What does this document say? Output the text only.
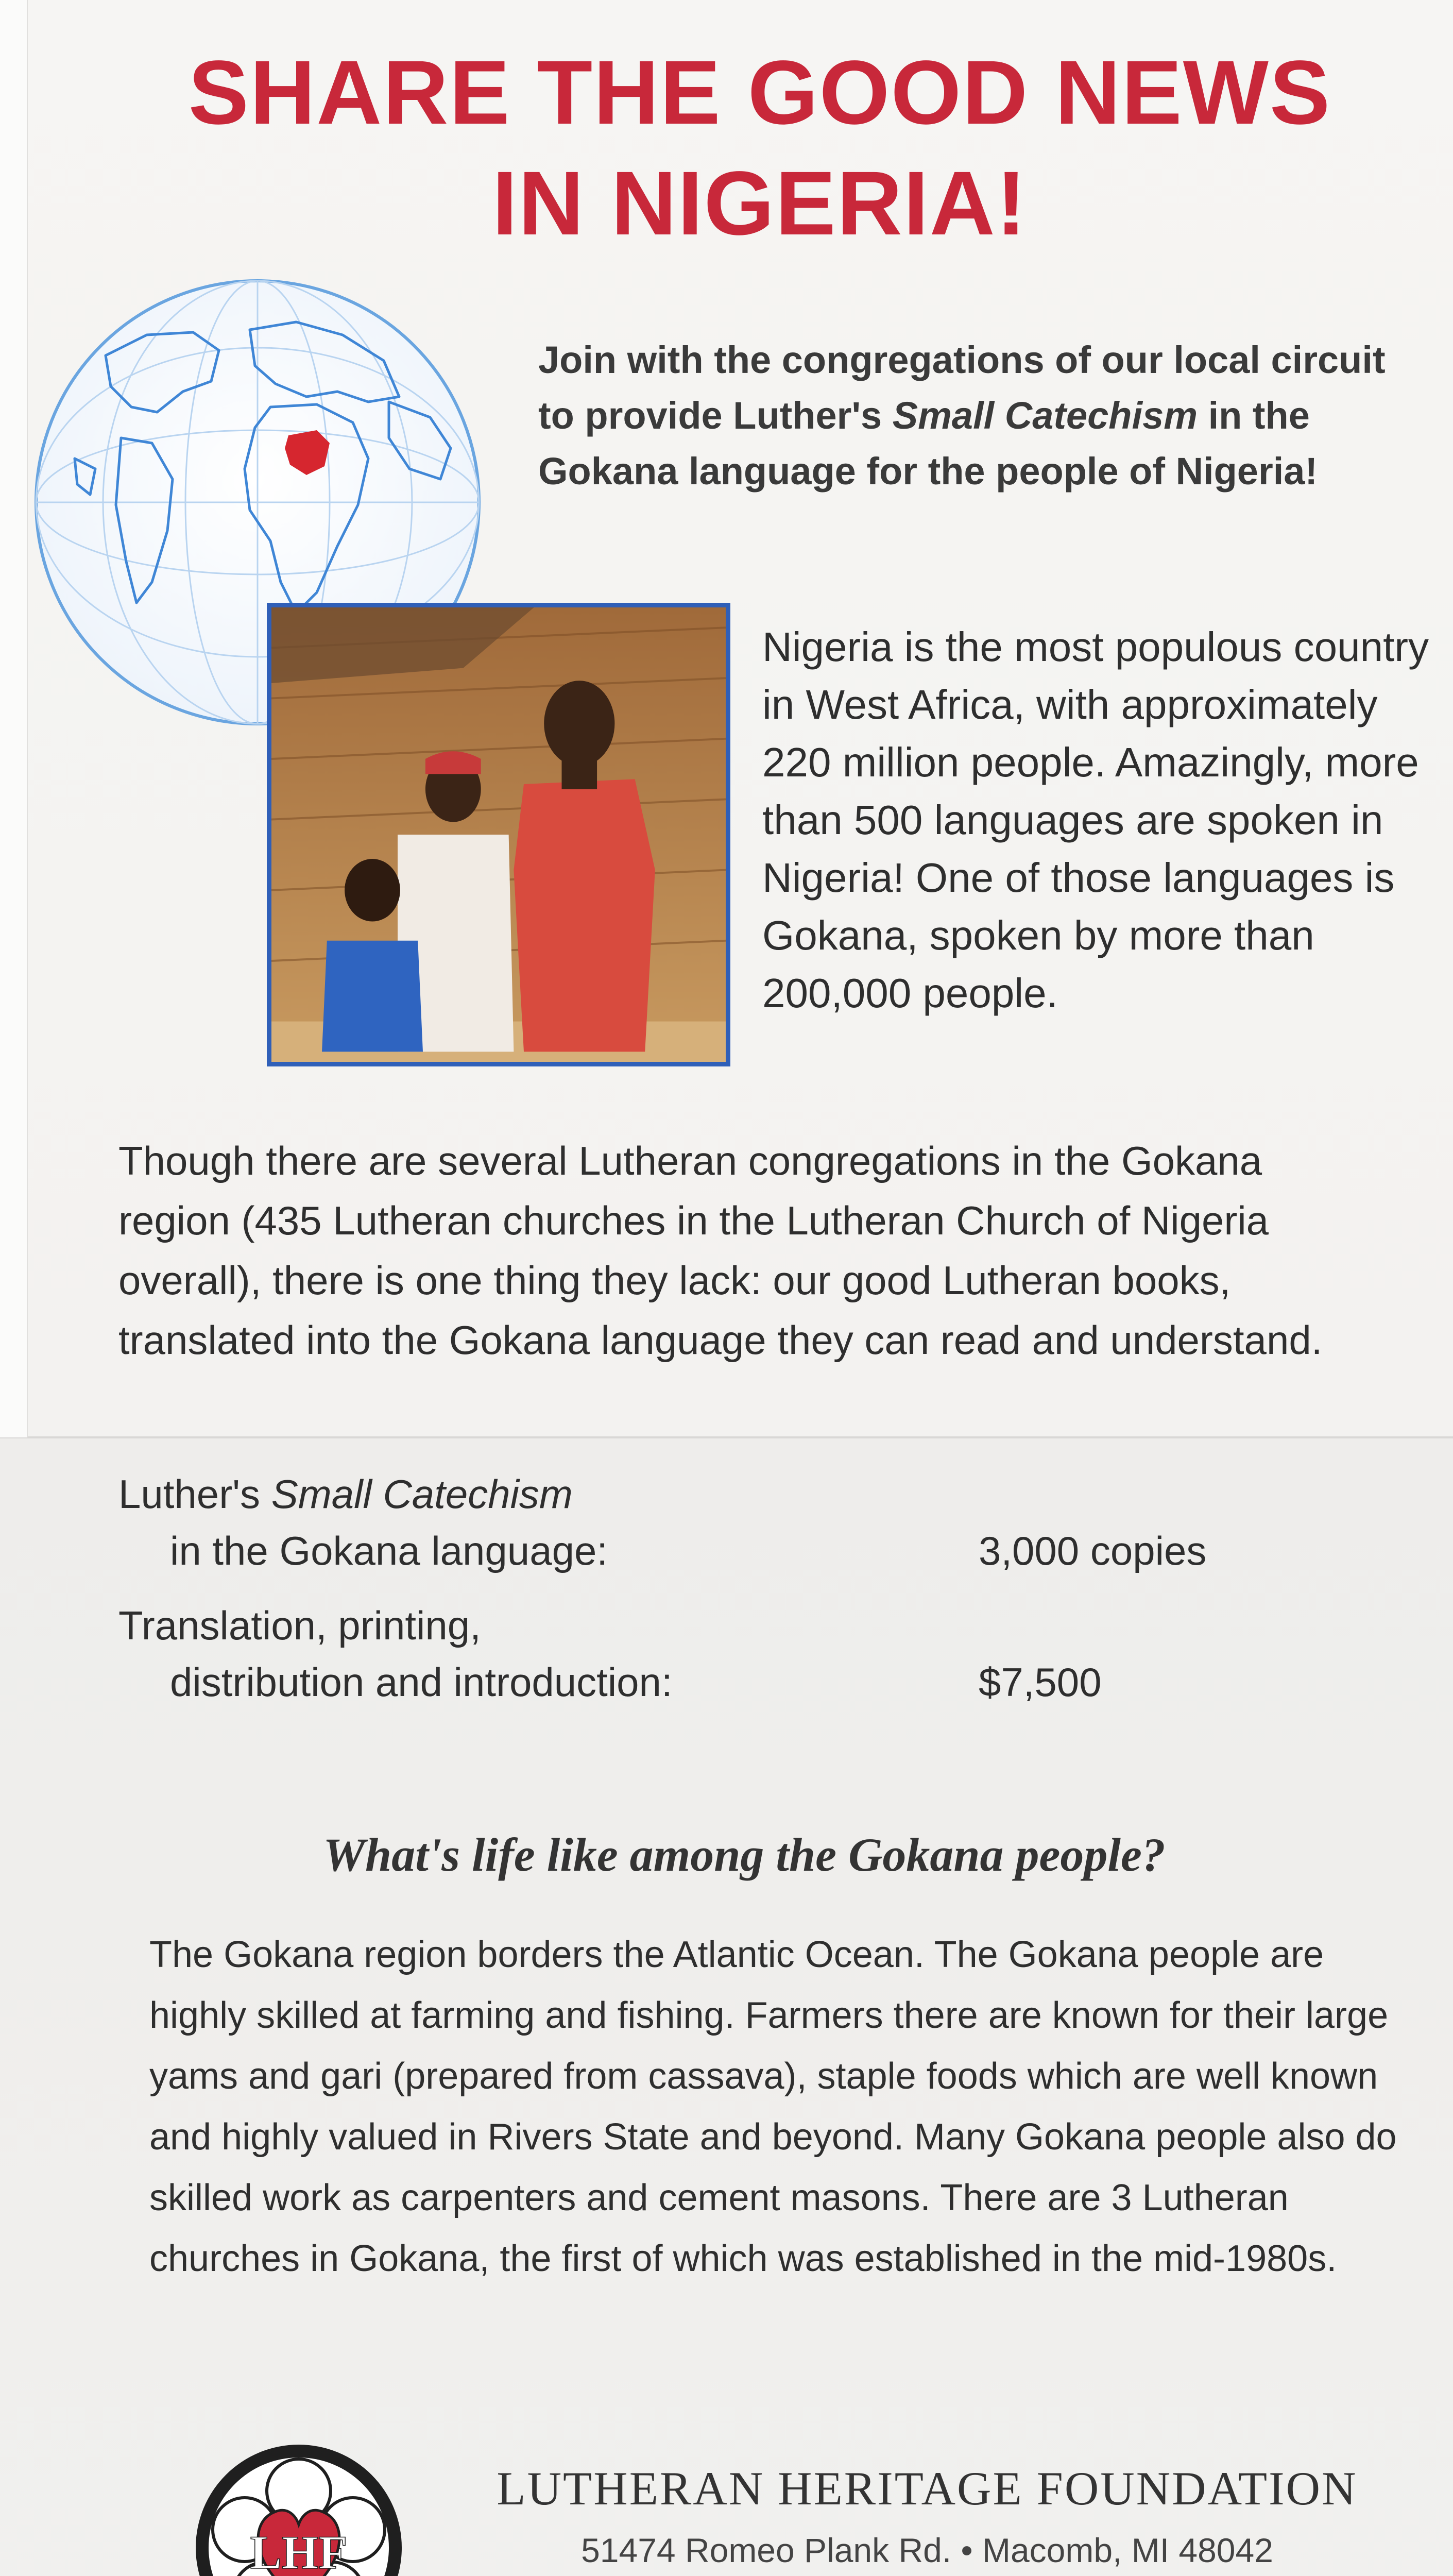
SHARE THE GOOD NEWS
IN NIGERIA!

Join with the congregations of our local circuit to provide Luther's Small Catechism in the Gokana language for the people of Nigeria!

Nigeria is the most populous country in West Africa, with approximately 220 million people. Amazingly, more than 500 languages are spoken in Nigeria! One of those languages is Gokana, spoken by more than 200,000 people.

Though there are several Lutheran congregations in the Gokana region (435 Lutheran churches in the Lutheran Church of Nigeria overall), there is one thing they lack: our good Lutheran books, translated into the Gokana language they can read and understand.

Luther's Small Catechism

in the Gokana language:	3,000 copies

Translation, printing,

distribution and introduction:	$7,500

What's life like among the Gokana people?

The Gokana region borders the Atlantic Ocean. The Gokana people are highly skilled at farming and fishing. Farmers there are known for their large yams and gari (prepared from cassava), staple foods which are well known and highly valued in Rivers State and beyond. Many Gokana people also do skilled work as carpenters and cement masons. There are 3 Lutheran churches in Gokana, the first of which was established in the mid-1980s.

LHF

LUTHERAN HERITAGE FOUNDATION

51474 Romeo Plank Rd. • Macomb, MI 48042
